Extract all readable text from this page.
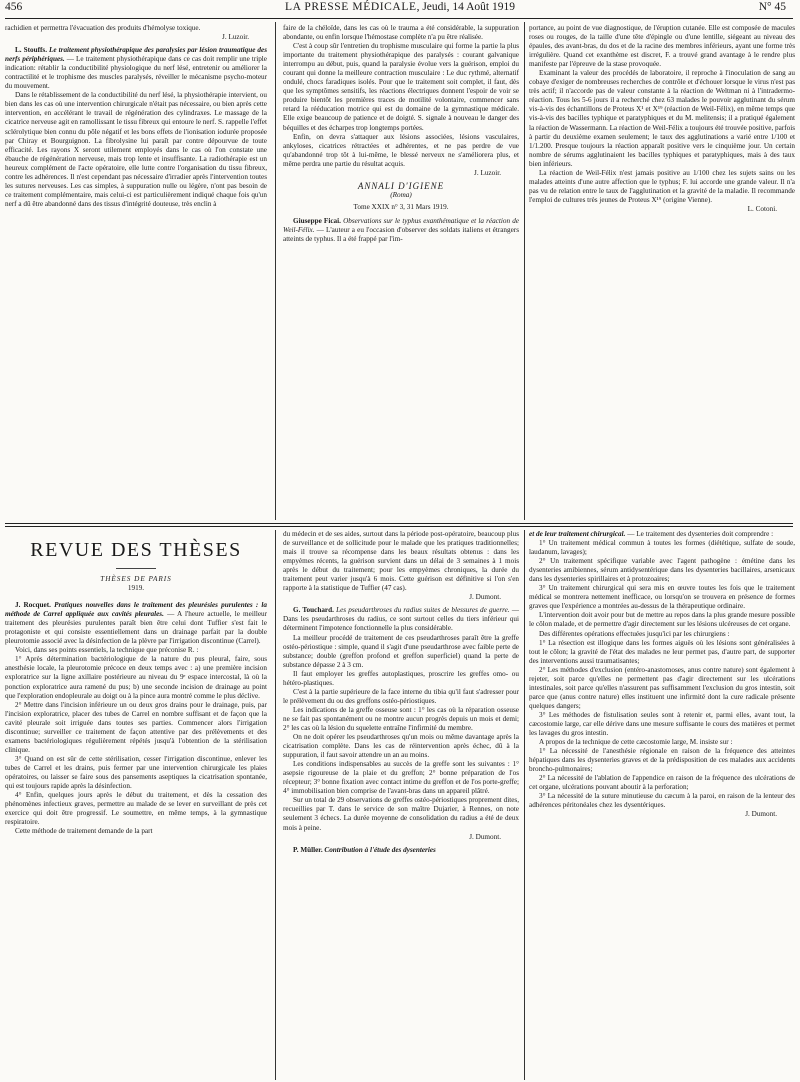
456	LA PRESSE MÉDICALE, Jeudi, 14 Août 1919	N° 45

rachidien et permettra l'évacuation des produits d'hémolyse toxique.

J. Luzoir.

L. Stouffs. Le traitement physiothérapique des paralysies par lésion traumatique des nerfs périphériques. — Le traitement physiothérapique dans ce cas doit remplir une triple indication: rétablir la conductibilité physiologique du nerf lésé, entretenir ou améliorer la contractilité et le trophisme des muscles paralysés, réveiller le mécanisme psycho-moteur du mouvement.

Dans le rétablissement de la conductibilité du nerf lésé, la physiothérapie intervient, ou bien dans les cas où une intervention chirurgicale n'était pas nécessaire, ou bien après cette intervention, en accélérant le travail de régénération des cylindraxes. Le massage de la cicatrice nerveuse agit en ramollissant le tissu fibreux qui entoure le nerf. S. rappelle l'effet sclérolytique bien connu du pôle négatif et les bons effets de l'ionisation iodurée proposée par Chiray et Bourguignon. La fibrolysine lui paraît par contre dépourvue de toute efficacité. Les rayons X seront utilement employés dans le cas où l'on constate une ébauche de régénération nerveuse, mais trop lente et insuffisante. La radiothérapie est un heureux complément de l'acte opératoire, elle lutte contre l'organisation du tissu fibreux, contre les adhérences. Il n'est cependant pas nécessaire d'irradier après l'intervention toutes les sutures nerveuses. Les cas simples, à suppuration nulle ou légère, n'ont pas besoin de ce traitement complémentaire, mais celui-ci est particulièrement indiqué chaque fois qu'un nerf a dû être abandonné dans des tissus d'intégrité douteuse, très enclin à

faire de la chéloïde, dans les cas où le trauma a été considérable, la suppuration abondante, ou enfin lorsque l'hémostase complète n'a pu être réalisée.

C'est à coup sûr l'entretien du trophisme musculaire qui forme la partie la plus importante du traitement physiothérapique des paralysés : courant galvanique interrompu au début, puis, quand la paralysie évolue vers la guérison, emploi du courant qui donne la meilleure contraction musculaire : Le duc rythmé, alternatif ondulé, chocs faradiques isolés. Pour que le traitement soit complet, il faut, dès que les symptômes sensitifs, les réactions électriques donnent l'espoir de voir se produire bientôt les premières traces de motilité volontaire, commencer sans retard la rééducation motrice qui est du domaine de la gymnastique médicale. Elle exige beaucoup de patience et de doigté. S. signale à nouveau le danger des béquilles et des écharpes trop longtemps portées.

Enfin, on devra s'attaquer aux lésions associées, lésions vasculaires, ankyloses, cicatrices rétractées et adhérentes, et ne pas perdre de vue qu'abandonné trop tôt à lui-même, le blessé nerveux ne s'améliorera plus, et même perdra une partie du résultat acquis.

J. Luzoir.
ANNALI D'IGIENE
(Roma)
Tome XXIX n° 3, 31 Mars 1919.

Giuseppe Ficai. Observations sur le typhus exanthématique et la réaction de Weil-Félix. — L'auteur a eu l'occasion d'observer des soldats italiens et étrangers atteints de typhus. Il a été frappé par l'im-

portance, au point de vue diagnostique, de l'éruption cutanée. Elle est composée de macules roses ou rouges, de la taille d'une tête d'épingle ou d'une lentille, siégeant au niveau des épaules, des avant-bras, du dos et de la racine des membres inférieurs, ayant une forme très irrégulière. Quand cet exanthème est discret, F. a trouvé grand avantage à le rendre plus manifeste par l'épreuve de la stase provoquée.

Examinant la valeur des procédés de laboratoire, il reproche à l'inoculation de sang au cobaye d'exiger de nombreuses recherches de contrôle et d'échouer lorsque le virus n'est pas très actif; il n'accorde pas de valeur constante à la réaction de Weltman ni à l'intradermo-réaction. Tous les 5-6 jours il a recherché chez 63 malades le pouvoir agglutinant du sérum vis-à-vis des échantillons de Proteus X¹ et X¹⁹ (réaction de Weil-Félix), en même temps que vis-à-vis des bacilles typhique et paratyphiques et du M. melitensis; il a pratiqué également la réaction de Wassermann. La réaction de Weil-Félix a toujours été trouvée positive, parfois à partir du deuxième examen seulement; le taux des agglutinations a varié entre 1/100 et 1/1.200. Presque toujours la réaction apparaît positive vers le cinquième jour. Un certain nombre de sérums agglutinaient les bacilles typhiques et paratyphiques, mais à des taux bien inférieurs.

La réaction de Weil-Félix n'est jamais positive au 1/100 chez les sujets sains ou les malades atteints d'une autre affection que le typhus; F. lui accorde une grande valeur. Il n'a pas vu de relation entre le taux de l'agglutination et la gravité de la maladie. Il recommande l'emploi de cultures très jeunes de Proteus X¹⁹ (origine Vienne).

L. Cotoni.
REVUE DES THÈSES
THÈSES DE PARIS
1919.

J. Rocquet. Pratiques nouvelles dans le traitement des pleurésies purulentes : la méthode de Carrel appliquée aux cavités pleurales. — A l'heure actuelle, le meilleur traitement des pleurésies purulentes paraît bien être celui dont Tuffier s'est fait le protagoniste et qui consiste essentiellement dans un drainage parfait par la double pleurotomie associé avec la désinfection de la plèvre par l'irrigation discontinue (Carrel).

Voici, dans ses points essentiels, la technique que préconise R. :

1° Après détermination bactériologique de la nature du pus pleural, faire, sous anesthésie locale, la pleurotomie précoce en deux temps avec : a) une première incision exploratrice sur la ligne axillaire postérieure au niveau du 9ᵉ espace intercostal, là où la ponction exploratrice aura ramené du pus; b) une seconde incision de drainage au point que l'exploration endopleurale au doigt ou à la pince aura montré comme le plus déclive.

2° Mettre dans l'incision inférieure un ou deux gros drains pour le drainage, puis, par l'incision exploratrice, placer des tubes de Carrel en nombre suffisant et de façon que la cavité pleurale soit irriguée dans toutes ses parties. Commencer alors l'irrigation discontinue; surveiller ce traitement de façon attentive par des prélèvements et des examens bactériologiques régulièrement répétés jusqu'à l'obtention de la stérilisation clinique.

3° Quand on est sûr de cette stérilisation, cesser l'irrigation discontinue, enlever les tubes de Carrel et les drains, puis fermer par une intervention chirurgicale les plaies opératoires, ou laisser se faire sous des pansements aseptiques la cicatrisation spontanée, qui est toujours rapide après la désinfection.

4° Enfin, quelques jours après le début du traitement, et dès la cessation des phénomènes infectieux graves, permettre au malade de se lever en surveillant de près cet exercice qui doit être progressif. Le soumettre, en même temps, à la gymnastique respiratoire.

Cette méthode de traitement demande de la part

du médecin et de ses aides, surtout dans la période post-opératoire, beaucoup plus de surveillance et de sollicitude pour le malade que les pratiques traditionnelles; mais il trouve sa récompense dans les beaux résultats obtenus : dans les empyèmes récents, la guérison survient dans un délai de 3 semaines à 1 mois après le début du traitement; pour les empyèmes chroniques, la durée du traitement peut varier jusqu'à 6 mois. Cette guérison est définitive si l'on s'en rapporte à la statistique de Tuffier (47 cas).

J. Dumont.

G. Touchard. Les pseudarthroses du radius suites de blessures de guerre. — Dans les pseudarthroses du radius, ce sont surtout celles du tiers inférieur qui déterminent l'impotence fonctionnelle la plus considérable.

La meilleur procédé de traitement de ces pseudarthroses paraît être la greffe ostéo-périostique : simple, quand il s'agit d'une pseudarthrose avec faible perte de substance; double (greffon profond et greffon superficiel) quand la perte de substance dépasse 2 à 3 cm.

Il faut employer les greffes autoplastiques, proscrire les greffes omo- ou hétéro-plastiques.

C'est à la partie supérieure de la face interne du tibia qu'il faut s'adresser pour le prélèvement du ou des greffons ostéo-périostiques.

Les indications de la greffe osseuse sont : 1° les cas où la réparation osseuse ne se fait pas spontanément ou ne montre aucun progrès depuis un mois et demi; 2° les cas où la lésion du squelette entraîne l'infirmité du membre.

On ne doit opérer les pseudarthroses qu'un mois ou même davantage après la cicatrisation complète. Dans les cas de réintervention après échec, dû à la suppuration, il faut savoir attendre un an au moins.

Les conditions indispensables au succès de la greffe sont les suivantes : 1° asepsie rigoureuse de la plaie et du greffon; 2° bonne préparation de l'os récepteur; 3° bonne fixation avec contact intime du greffon et de l'os porte-greffe; 4° immobilisation bien comprise de l'avant-bras dans un appareil plâtré.

Sur un total de 29 observations de greffes ostéo-périostiques proprement dites, recueillies par T. dans le service de son maître Dujarier, à Rennes, on note seulement 3 échecs. La durée moyenne de consolidation du radius a été de deux mois à peine.

J. Dumont.

P. Müller. Contribution à l'étude des dysenteries

et de leur traitement chirurgical. — Le traitement des dysenteries doit comprendre :

1° Un traitement médical commun à toutes les formes (diététique, sulfate de soude, laudanum, lavages);

2° Un traitement spécifique variable avec l'agent pathogène : émétine dans les dysenteries amibiennes, sérum antidysentérique dans les dysenteries bacillaires, arsenicaux dans les dysenteries spirillaires et à protozoaires;

3° Un traitement chirurgical qui sera mis en œuvre toutes les fois que le traitement médical se montrera nettement inefficace, ou lorsqu'on se trouvera en présence de formes graves que l'expérience a montrées au-dessus de la thérapeutique ordinaire.

L'intervention doit avoir pour but de mettre au repos dans la plus grande mesure possible le côlon malade, et de permettre d'agir directement sur les lésions ulcéreuses de cet organe.

Des différentes opérations effectuées jusqu'ici par les chirurgiens :

1° La résection est illogique dans les formes aiguës où les lésions sont généralisées à tout le côlon; la gravité de l'état des malades ne leur permet pas, d'autre part, de supporter des interventions aussi traumatisantes;

2° Les méthodes d'exclusion (entéro-anastomoses, anus contre nature) sont également à rejeter, soit parce qu'elles ne permettent pas d'agir directement sur les ulcérations intestinales, soit parce qu'elles n'assurent pas suffisamment l'exclusion du gros intestin, soit parce que (anus contre nature) elles instituent une infirmité dont la cure radicale présente quelques dangers;

3° Les méthodes de fistulisation seules sont à retenir et, parmi elles, avant tout, la cæcostomie large, car elle dérive dans une mesure suffisante le cours des matières et permet les lavages du gros intestin.

A propos de la technique de cette cæcostomie large, M. insiste sur :

1° La nécessité de l'anesthésie régionale en raison de la fréquence des atteintes hépatiques dans les dysenteries graves et de la prédisposition de ces malades aux accidents broncho-pulmonaires;

2° La nécessité de l'ablation de l'appendice en raison de la fréquence des ulcérations de cet organe, ulcérations pouvant aboutir à la perforation;

3° La nécessité de la suture minutieuse du cæcum à la paroi, en raison de la lenteur des adhérences péritonéales chez les dysentériques.

J. Dumont.
